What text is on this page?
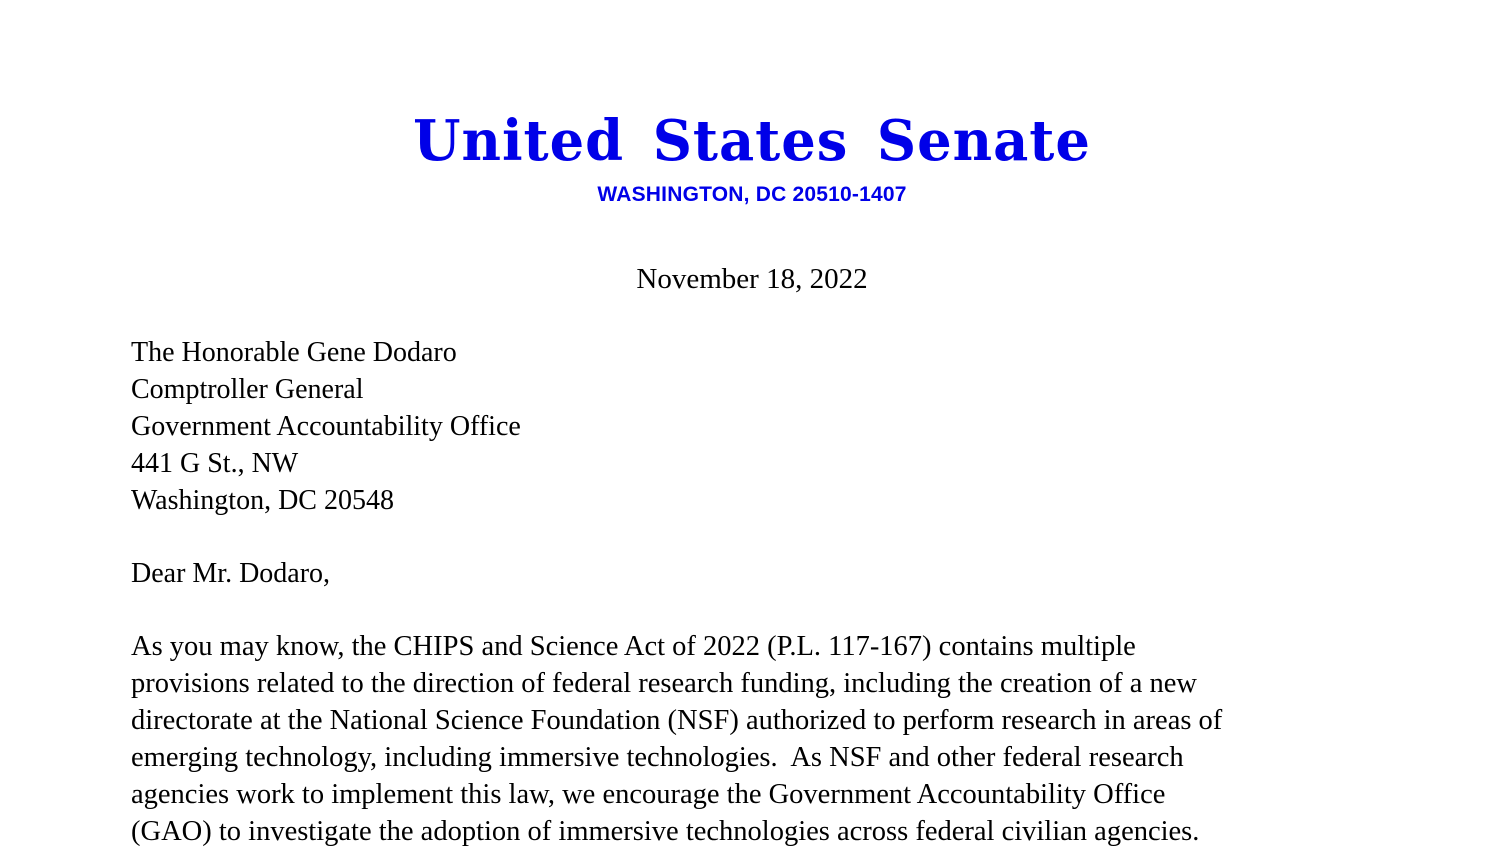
United States Senate
WASHINGTON, DC 20510-1407
November 18, 2022
The Honorable Gene Dodaro
Comptroller General
Government Accountability Office
441 G St., NW
Washington, DC 20548
Dear Mr. Dodaro,
As you may know, the CHIPS and Science Act of 2022 (P.L. 117-167) contains multiple
provisions related to the direction of federal research funding, including the creation of a new
directorate at the National Science Foundation (NSF) authorized to perform research in areas of
emerging technology, including immersive technologies.  As NSF and other federal research
agencies work to implement this law, we encourage the Government Accountability Office
(GAO) to investigate the adoption of immersive technologies across federal civilian agencies.
